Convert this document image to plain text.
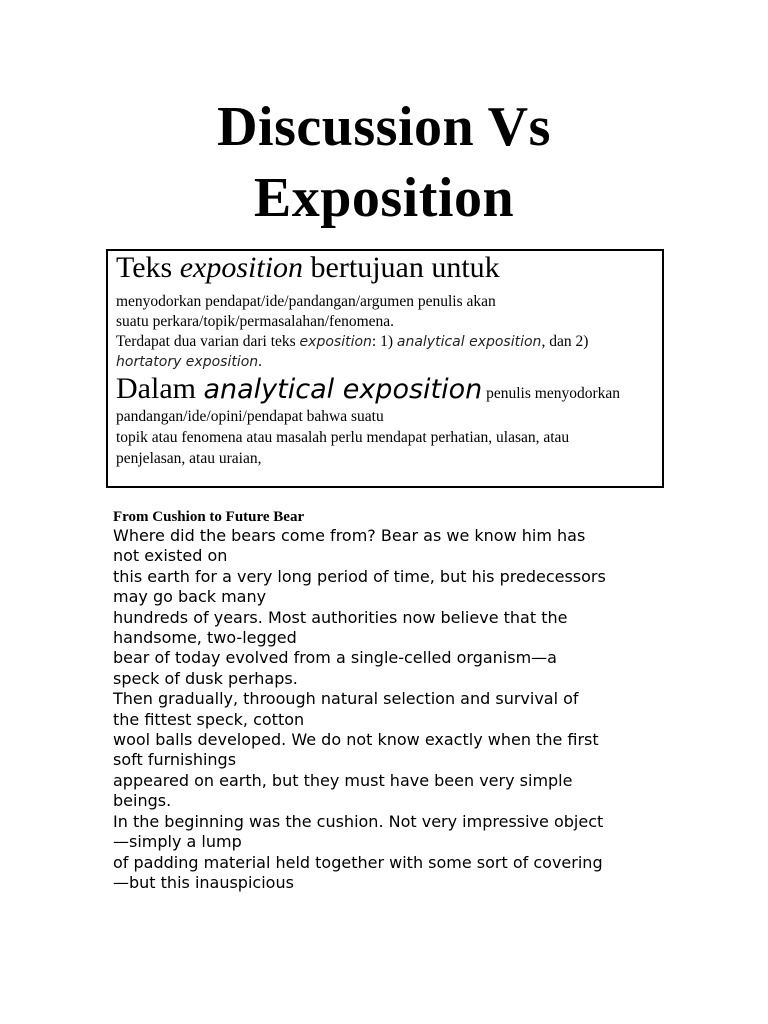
Discussion Vs
Exposition
Teks exposition bertujuan untuk
menyodorkan pendapat/ide/pandangan/argumen penulis akan
suatu perkara/topik/permasalahan/fenomena.
Terdapat dua varian dari teks exposition: 1) analytical exposition, dan 2)
hortatory exposition.
Dalam analytical exposition penulis menyodorkan
pandangan/ide/opini/pendapat bahwa suatu
topik atau fenomena atau masalah perlu mendapat perhatian, ulasan, atau
penjelasan, atau uraian,
From Cushion to Future Bear
Where did the bears come from? Bear as we know him has
not existed on
this earth for a very long period of time, but his predecessors
may go back many
hundreds of years. Most authorities now believe that the
handsome, two-legged
bear of today evolved from a single-celled organism—a
speck of dusk perhaps.
Then gradually, throough natural selection and survival of
the fittest speck, cotton
wool balls developed. We do not know exactly when the first
soft furnishings
appeared on earth, but they must have been very simple
beings.
In the beginning was the cushion. Not very impressive object
—simply a lump
of padding material held together with some sort of covering
—but this inauspicious
